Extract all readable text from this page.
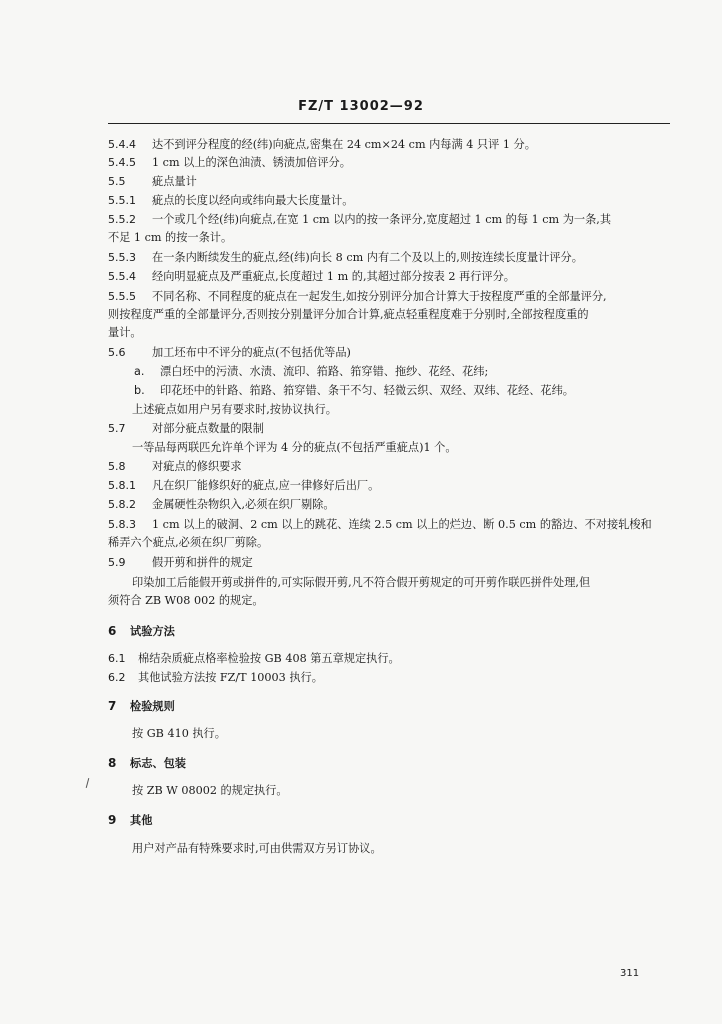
FZ/T 13002—92
5.4.4 达不到评分程度的经(纬)向疵点,密集在 24 cm×24 cm 内每满 4 只评 1 分。
5.4.5 1 cm 以上的深色油渍、锈渍加倍评分。
5.5 疵点量计
5.5.1 疵点的长度以经向或纬向最大长度量计。
5.5.2 一个或几个经(纬)向疵点,在宽 1 cm 以内的按一条评分,宽度超过 1 cm 的每 1 cm 为一条,其
不足 1 cm 的按一条计。
5.5.3 在一条内断续发生的疵点,经(纬)向长 8 cm 内有二个及以上的,则按连续长度量计评分。
5.5.4 经向明显疵点及严重疵点,长度超过 1 m 的,其超过部分按表 2 再行评分。
5.5.5 不同名称、不同程度的疵点在一起发生,如按分别评分加合计算大于按程度严重的全部量评分,
则按程度严重的全部量评分,否则按分别量评分加合计算,疵点轻重程度难于分别时,全部按程度重的
量计。
5.6 加工坯布中不评分的疵点(不包括优等品)
a. 漂白坯中的污渍、水渍、流印、筘路、筘穿错、拖纱、花经、花纬;
b. 印花坯中的针路、筘路、筘穿错、条干不匀、轻微云织、双经、双纬、花经、花纬。
上述疵点如用户另有要求时,按协议执行。
5.7 对部分疵点数量的限制
一等品每两联匹允许单个评为 4 分的疵点(不包括严重疵点)1 个。
5.8 对疵点的修织要求
5.8.1 凡在织厂能修织好的疵点,应一律修好后出厂。
5.8.2 金属硬性杂物织入,必须在织厂剔除。
5.8.3 1 cm 以上的破洞、2 cm 以上的跳花、连续 2.5 cm 以上的烂边、断 0.5 cm 的豁边、不对接轧梭和
稀弄六个疵点,必须在织厂剪除。
5.9 假开剪和拼件的规定
印染加工后能假开剪或拼件的,可实际假开剪,凡不符合假开剪规定的可开剪作联匹拼件处理,但
须符合 ZB W08 002 的规定。
6 试验方法
6.1 棉结杂质疵点格率检验按 GB 408 第五章规定执行。
6.2 其他试验方法按 FZ/T 10003 执行。
7 检验规则
按 GB 410 执行。
8 标志、包装
按 ZB W 08002 的规定执行。
9 其他
用户对产品有特殊要求时,可由供需双方另订协议。
311
